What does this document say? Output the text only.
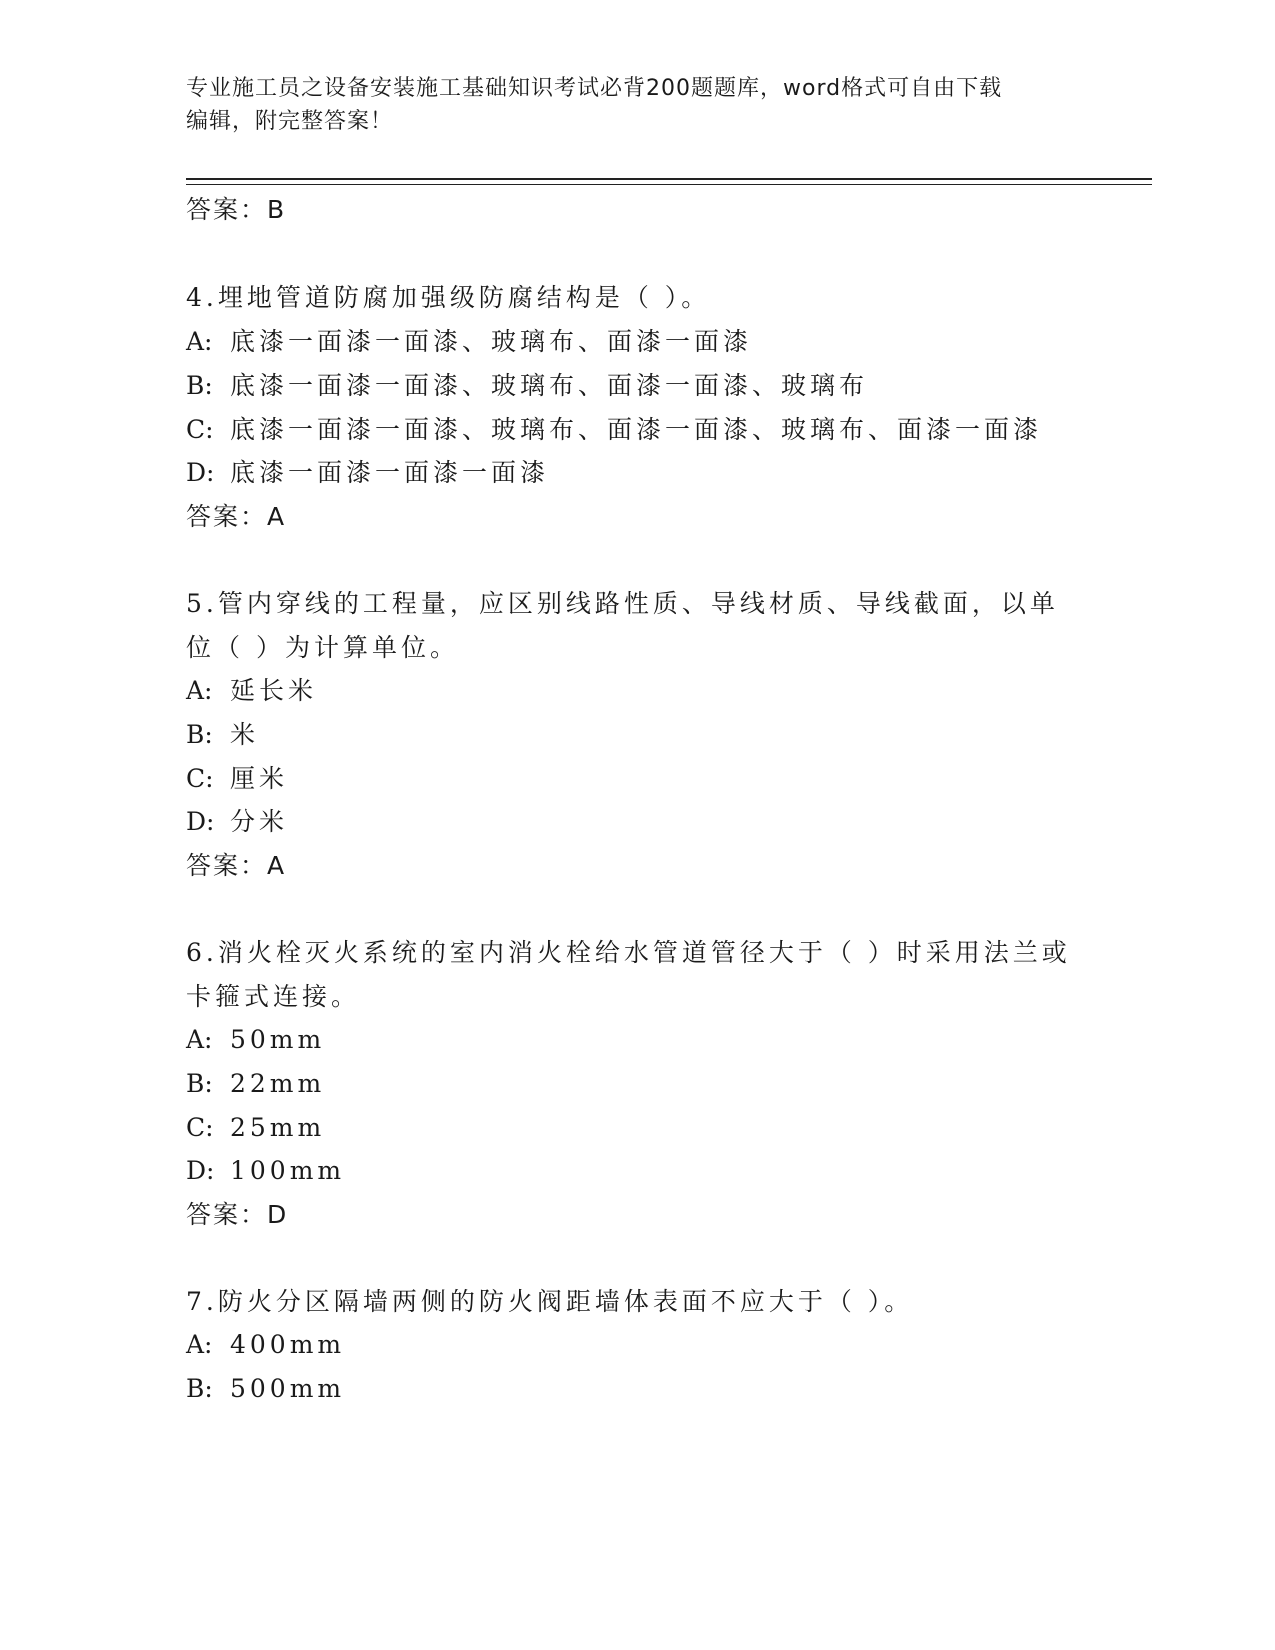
专业施工员之设备安装施工基础知识考试必背200题题库，word格式可自由下载
编辑，附完整答案！
答案：B
4.埋地管道防腐加强级防腐结构是（ ）。
A: 底漆一面漆一面漆、玻璃布、面漆一面漆
B: 底漆一面漆一面漆、玻璃布、面漆一面漆、玻璃布
C: 底漆一面漆一面漆、玻璃布、面漆一面漆、玻璃布、面漆一面漆
D: 底漆一面漆一面漆一面漆
答案：A
5.管内穿线的工程量，应区别线路性质、导线材质、导线截面，以单
位（ ）为计算单位。
A: 延长米
B: 米
C: 厘米
D: 分米
答案：A
6.消火栓灭火系统的室内消火栓给水管道管径大于（ ）时采用法兰或
卡箍式连接。
A: 50mm
B: 22mm
C: 25mm
D: 100mm
答案：D
7.防火分区隔墙两侧的防火阀距墙体表面不应大于（ ）。
A: 400mm
B: 500mm
